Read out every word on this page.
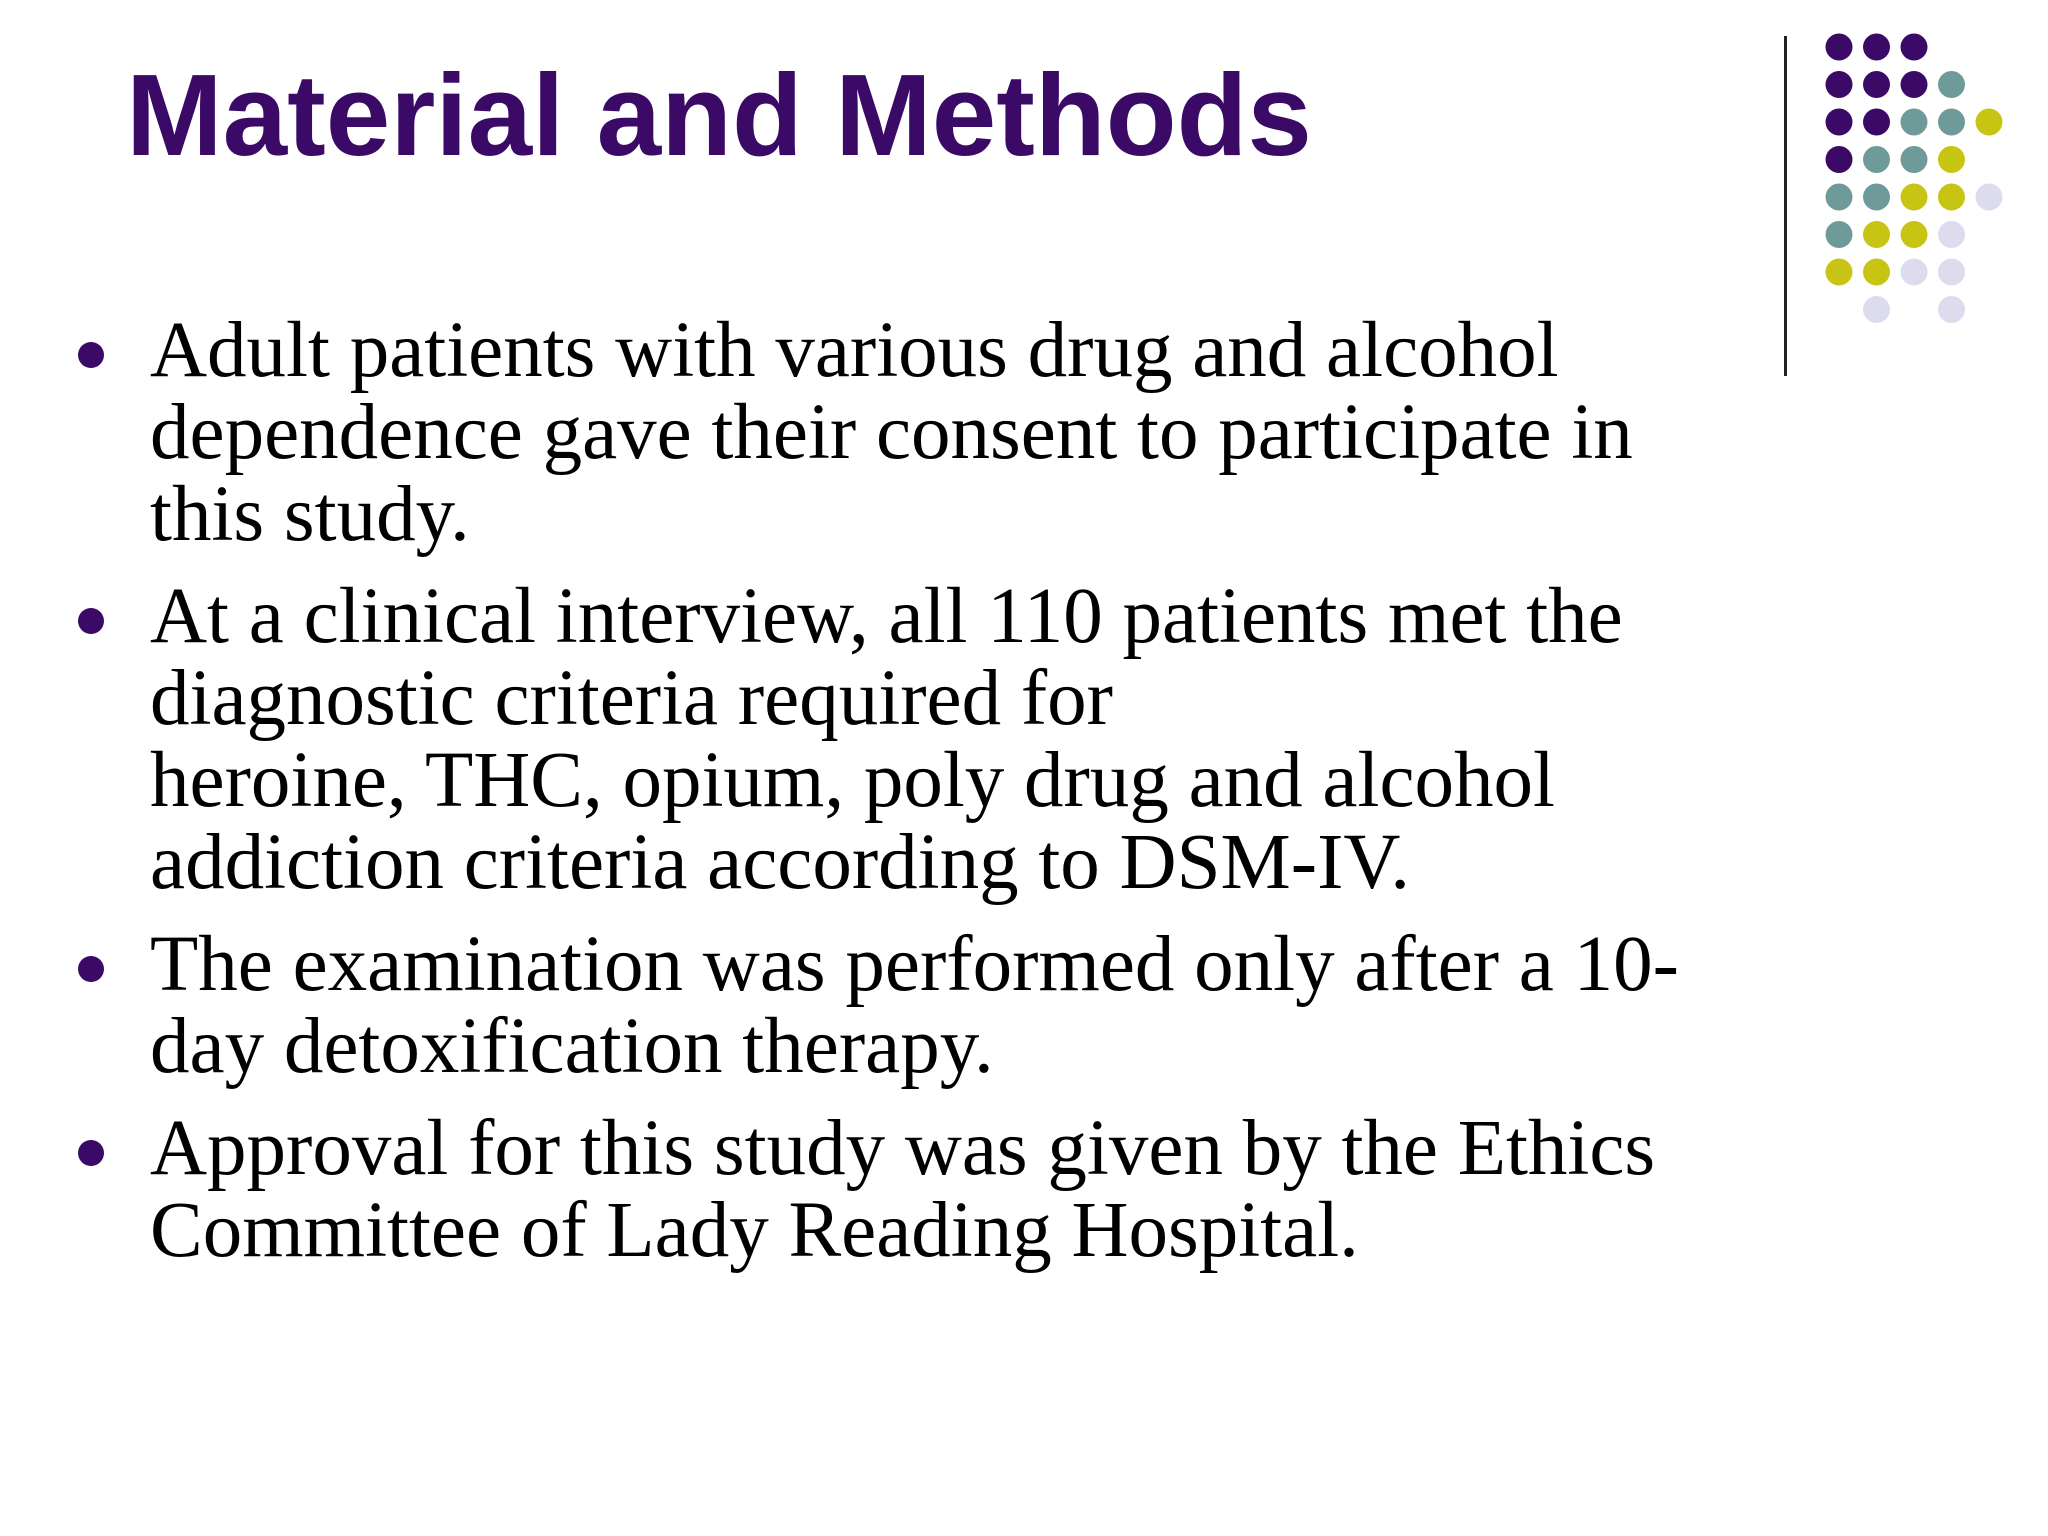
Material and Methods
Adult patients with various drug and alcohol
dependence gave their consent to participate in
this study.
At a clinical interview, all 110 patients met the
diagnostic criteria required for
heroine, THC, opium, poly drug and alcohol
addiction criteria according to DSM-IV.
The examination was performed only after a 10-
day detoxification therapy.
Approval for this study was given by the Ethics
Committee of Lady Reading Hospital.
